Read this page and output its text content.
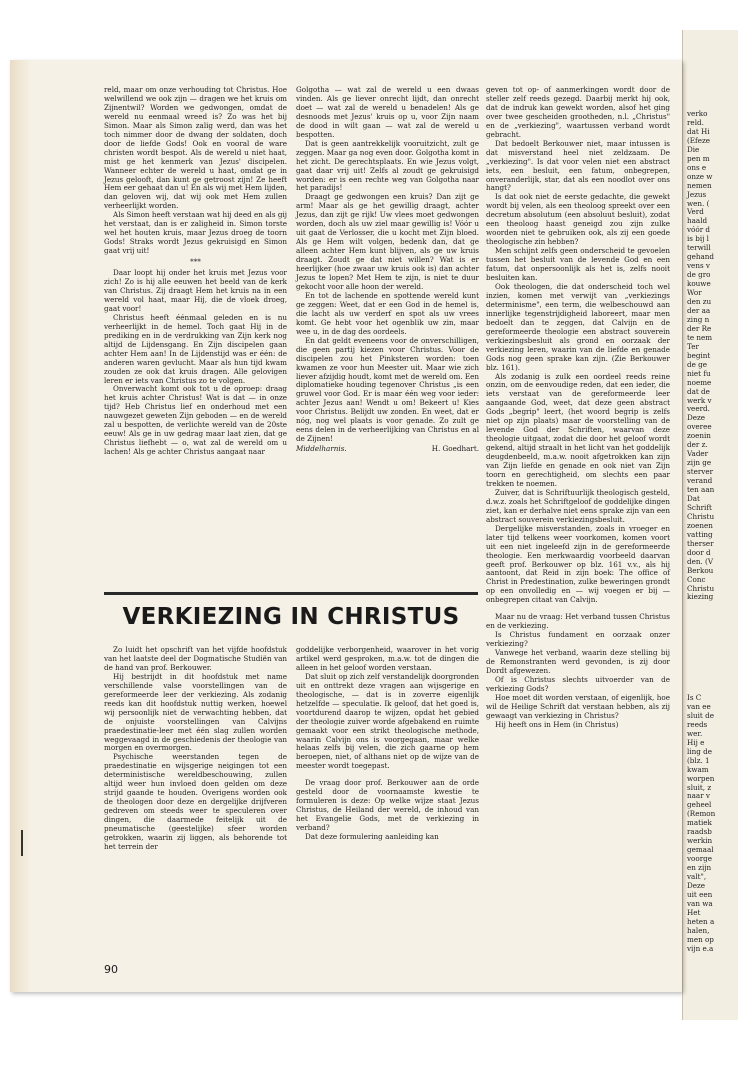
verko
reld.
dat Hi
(Efeze
Die
pen m
ons e
onze w
nemen
Jezus
wen. (
Verd
haald
vóór d
is bij l
terwill
gehand
vens v
de gro
kouwe
Wor
den zu
der aa
zing n
der Re
te nem
Ter
begint
de ge
niet fu
noeme
dat de
werk v
veerd.
Deze
overee
zoenin
der z.
Vader
zijn ge
sterver
verand
ten aan
Dat
Schrift
Christu
zoenen
vatting
therser
door d
den. (V
Berkou
Conc
Christu
kiezing
Is C
van ee
sluit de
reeds
wer.
Hij e
ling de
(blz. 1
kwam
worpen
sluit, z
naar v
geheel
(Remon
matiek
raadsb
werkin
gemaal
voorge
en zijn
valt",
Deze
uit een
van wa
Het
heten a
halen,
men op
vijn e.a

reld, maar om onze verhouding tot Christus. Hoe welwillend we ook zijn — dragen we het kruis om Zijnentwil? Worden we gedwongen, omdat de wereld nu eenmaal wreed is? Zo was het bij Simon. Maar als Simon zalig werd, dan was het toch nimmer door de dwang der soldaten, doch door de liefde Gods! Ook en vooral de ware christen wordt bespot. Als de wereld u niet haat, mist ge het kenmerk van Jezus' discipelen. Wanneer echter de wereld u haat, omdat ge in Jezus gelooft, dan kunt ge getroost zijn! Ze heeft Hem eer gehaat dan u! En als wij met Hem lijden, dan geloven wij, dat wij ook met Hem zullen verheerlijkt worden.

Als Simon heeft verstaan wat hij deed en als gij het verstaat, dan is er zaligheid in. Simon torste wel het houten kruis, maar Jezus droeg de toorn Gods! Straks wordt Jezus gekruisigd en Simon gaat vrij uit!

***

Daar loopt hij onder het kruis met Jezus voor zich! Zo is hij alle eeuwen het beeld van de kerk van Christus. Zij draagt Hem het kruis na in een wereld vol haat, maar Hij, die de vloek droeg, gaat voor!

Christus heeft éénmaal geleden en is nu verheerlijkt in de hemel. Toch gaat Hij in de prediking en in de verdrukking van Zijn kerk nog altijd de Lijdensgang. En Zijn discipelen gaan achter Hem aan! In de Lijdenstijd was er één: de anderen waren gevlucht. Maar als hun tijd kwam zouden ze ook dat kruis dragen. Alle gelovigen leren er iets van Christus zo te volgen.

Onverwacht komt ook tot u de oproep: draag het kruis achter Christus! Wat is dat — in onze tijd? Heb Christus lief en onderhoud met een nauwgezet geweten Zijn geboden — en de wereld zal u bespotten, de verlichte wereld van de 20ste eeuw! Als ge in uw gedrag maar laat zien, dat ge Christus liefhebt — o, wat zal de wereld om u lachen! Als ge achter Christus aangaat naar

Golgotha — wat zal de wereld u een dwaas vinden. Als ge liever onrecht lijdt, dan onrecht doet — wat zal de wereld u benadelen! Als ge desnoods met Jezus' kruis op u, voor Zijn naam de dood in wilt gaan — wat zal de wereld u bespotten.

Dat is geen aantrekkelijk vooruitzicht, zult ge zeggen. Maar ga nog even door. Golgotha komt in het zicht. De gerechtsplaats. En wie Jezus volgt, gaat daar vrij uit! Zelfs al zoudt ge gekruisigd worden: er is een rechte weg van Golgotha naar het paradijs!

Draagt ge gedwongen een kruis? Dan zijt ge arm! Maar als ge het gewillig draagt, achter Jezus, dan zijt ge rijk! Uw vlees moet gedwongen worden, doch als uw ziel maar gewillig is! Vóór u uit gaat de Verlosser, die u kocht met Zijn bloed. Als ge Hem wilt volgen, bedenk dan, dat ge alleen achter Hem kunt blijven, als ge uw kruis draagt. Zoudt ge dat niet willen? Wat is er heerlijker (hoe zwaar uw kruis ook is) dan achter Jezus te lopen? Met Hem te zijn, is niet te duur gekocht voor alle hoon der wereld.

En tot de lachende en spottende wereld kunt ge zeggen: Weet, dat er een God in de hemel is, die lacht als uw verderf en spot als uw vrees komt. Ge hebt voor het ogenblik uw zin, maar wee u, in de dag des oordeels.

En dat geldt eveneens voor de onverschilligen, die geen partij kiezen voor Christus. Voor de discipelen zou het Pinksteren worden: toen kwamen ze voor hun Meester uit. Maar wie zich liever afzijdig houdt, komt met de wereld om. Een diplomatieke houding tegenover Christus „is een gruwel voor God. Er is maar één weg voor ieder: achter Jezus aan! Wendt u om! Bekeert u! Kies voor Christus. Belijdt uw zonden. En weet, dat er nóg, nog wel plaats is voor genade. Zo zult ge eens delen in de verheerlijking van Christus en al de Zijnen!

Middelharnis.	H. Goedhart.

geven tot op- of aanmerkingen wordt door de steller zelf reeds gezegd. Daarbij merkt hij ook, dat de indruk kan gewekt worden, alsof het ging over twee gescheiden grootheden, n.l. „Christus" en de „verkiezing", waartussen verband wordt gebracht.

Dat bedoelt Berkouwer niet, maar intussen is dat misverstand heel niet zeldzaam. De „verkiezing". Is dat voor velen niet een abstract iets, een besluit, een fatum, onbegrepen, onveranderlijk, star, dat als een noodlot over ons hangt?

Is dat ook niet de eerste gedachte, die gewekt wordt bij velen, als een theoloog spreekt over een decretum absolutum (een absoluut besluit), zodat een theoloog haast geneigd zou zijn zulke woorden niet te gebruiken ook, als zij een goede theologische zin hebben?

Men schijnt zelfs geen onderscheid te gevoelen tussen het besluit van de levende God en een fatum, dat onpersoonlijk als het is, zelfs nooit besluiten kan.

Ook theologen, die dat onderscheid toch wel inzien, komen met verwijt van „verkiezings determinisme", een term, die welbeschouwd aan innerlijke tegenstrijdigheid laboreert, maar men bedoelt dan te zeggen, dat Calvijn en de gereformeerde theologie een abstract souverein verkiezingsbesluit als grond en oorzaak der verkiezing leren, waarin van de liefde en genade Gods nog geen sprake kan zijn. (Zie Berkouwer blz. 161).

Als zodanig is zulk een oordeel reeds reine onzin, om de eenvoudige reden, dat een ieder, die iets verstaat van de gereformeerde leer aangaande God, weet, dat deze geen abstract Gods „begrip" leert, (het woord begrip is zelfs niet op zijn plaats) maar de voorstelling van de levende God der Schriften, waarvan deze theologie uitgaat, zodat die door het geloof wordt gekend, altijd straalt in het licht van het goddelijk deugdenbeeld, m.a.w. nooit afgetrokken kan zijn van Zijn liefde en genade en ook niet van Zijn toorn en gerechtigheid, om slechts een paar trekken te noemen.

Zuiver, dat is Schriftuurlijk theologisch gesteld, d.w.z. zoals het Schriftgeloof de goddelijke dingen ziet, kan er derhalve niet eens sprake zijn van een abstract souverein verkiezingsbesluit.

Dergelijke misverstanden, zoals in vroeger en later tijd telkens weer voorkomen, komen voort uit een niet ingeleefd zijn in de gereformeerde theologie. Een merkwaardig voorbeeld daarvan geeft prof. Berkouwer op blz. 161 v.v., als hij aantoont, dat Reid in zijn boek: The office of Christ in Predestination, zulke beweringen grondt op een onvolledig en — wij voegen er bij — onbegrepen citaat van Calvijn.

Maar nu de vraag: Het verband tussen Christus en de verkiezing.

Is Christus fundament en oorzaak onzer verkiezing?

Vanwege het verband, waarin deze stelling bij de Remonstranten werd gevonden, is zij door Dordt afgewezen.

Of is Christus slechts uitvoerder van de verkiezing Gods?

Hoe moet dit worden verstaan, of eigenlijk, hoe wil de Heilige Schrift dat verstaan hebben, als zij gewaagt van verkiezing in Christus?

Hij heeft ons in Hem (in Christus)

VERKIEZING IN CHRISTUS

Zo luidt het opschrift van het vijfde hoofdstuk van het laatste deel der Dogmatische Studiën van de hand van prof. Berkouwer.

Hij bestrijdt in dit hoofdstuk met name verschillende valse voorstellingen van de gereformeerde leer der verkiezing. Als zodanig reeds kan dit hoofdstuk nuttig werken, hoewel wij persoonlijk niet de verwachting hebben, dat de onjuiste voorstellingen van Calvijns praedestinatie-leer met één slag zullen worden weggevaagd in de geschiedenis der theologie van morgen en overmorgen.

Psychische weerstanden tegen de praedestinatie en wijsgerige neigingen tot een deterministische wereldbeschouwing, zullen altijd weer hun invloed doen gelden om deze strijd gaande te houden. Overigens worden ook de theologen door deze en dergelijke drijfveren gedreven om steeds weer te speculeren over dingen, die daarmede feitelijk uit de pneumatische (geestelijke) sfeer worden getrokken, waarin zij liggen, als behorende tot het terrein der

goddelijke verborgenheid, waarover in het vorig artikel werd gesproken, m.a.w. tot de dingen die alleen in het geloof worden verstaan.

Dat sluit op zich zelf verstandelijk doorgronden uit en onttrekt deze vragen aan wijsgerige en theologische, — dat is in zoverre eigenlijk hetzelfde — speculatie. Ik geloof, dat het goed is, voortdurend daarop te wijzen, opdat het gebied der theologie zuiver worde afgebakend en ruimte gemaakt voor een strikt theologische methode, waarin Calvijn ons is voorgegaan, maar welke helaas zelfs bij velen, die zich gaarne op hem beroepen, niet, of althans niet op de wijze van de meester wordt toegepast.

De vraag door prof. Berkouwer aan de orde gesteld door de voornaamste kwestie te formuleren is deze: Op welke wijze staat Jezus Christus, de Heiland der wereld, de inhoud van het Evangelie Gods, met de verkiezing in verband?

Dat deze formulering aanleiding kan

90
